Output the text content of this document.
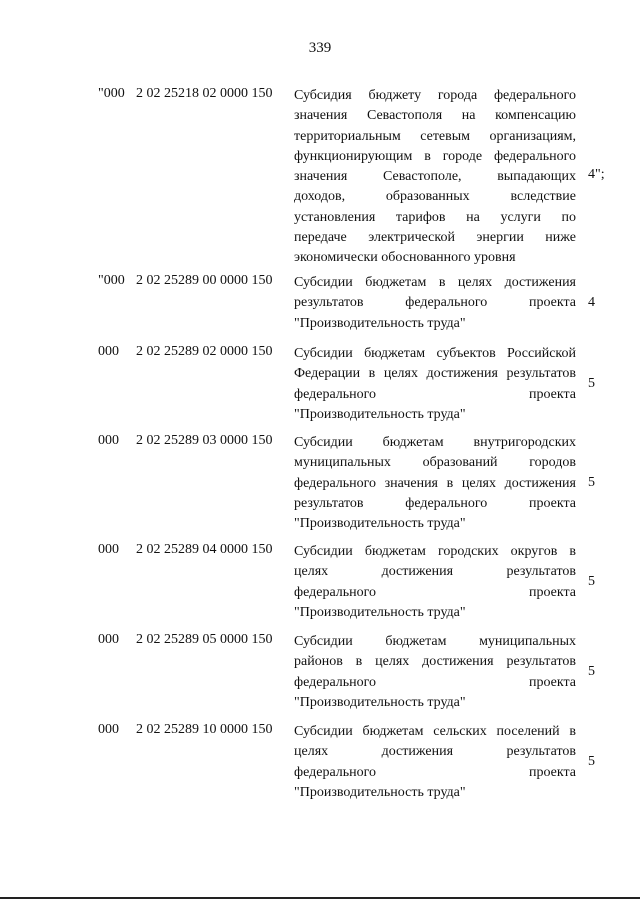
339
"000 2 02 25218 02 0000 150 Субсидия бюджету города федерального
значения Севастополя на компенсацию
территориальным сетевым организациям,
функционирующим в городе федерального
значения Севастополе, выпадающих
доходов, образованных вследствие
установления тарифов на услуги по
передаче электрической энергии ниже
экономически обоснованного уровня
4";
"000 2 02 25289 00 0000 150 Субсидии бюджетам в целях достижения
результатов федерального проекта
"Производительность труда"
4
000 2 02 25289 02 0000 150 Субсидии бюджетам субъектов Российской
Федерации в целях достижения результатов
федерального проекта
"Производительность труда"
5
000 2 02 25289 03 0000 150 Субсидии бюджетам внутригородских
муниципальных образований городов
федерального значения в целях достижения
результатов федерального проекта
"Производительность труда"
5
000 2 02 25289 04 0000 150 Субсидии бюджетам городских округов в
целях достижения результатов
федерального проекта
"Производительность труда"
5
000 2 02 25289 05 0000 150 Субсидии бюджетам муниципальных
районов в целях достижения результатов
федерального проекта
"Производительность труда"
5
000 2 02 25289 10 0000 150 Субсидии бюджетам сельских поселений в
целях достижения результатов
федерального проекта
"Производительность труда"
5
